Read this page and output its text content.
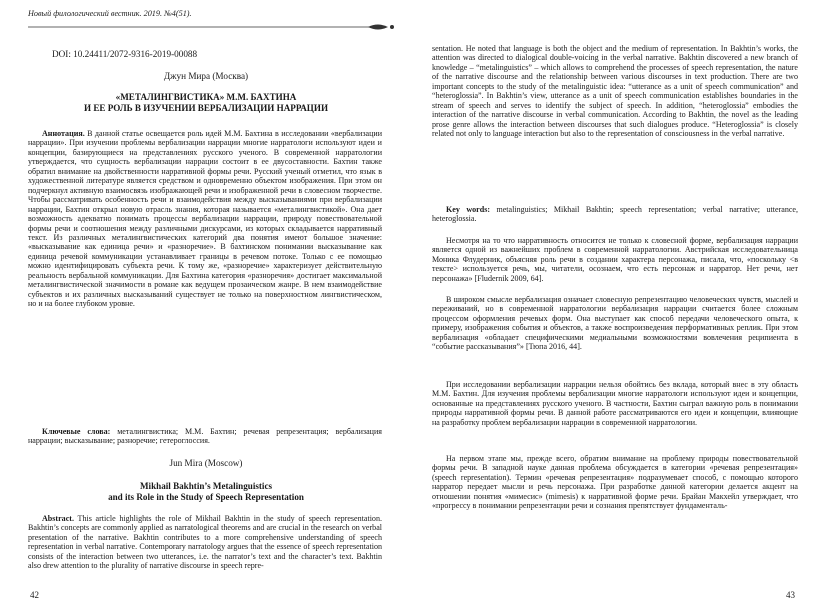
Новый филологический вестник. 2019. №4(51).
DOI: 10.24411/2072-9316-2019-00088
Джун Мира (Москва)
«МЕТАЛИНГВИСТИКА» М.М. БАХТИНА
И ЕЕ РОЛЬ В ИЗУЧЕНИИ ВЕРБАЛИЗАЦИИ НАРРАЦИИ
Аннотация. В данной статье освещается роль идей М.М. Бахтина в исследовании «вербализации наррации». При изучении проблемы вербализации наррации многие нарратологи используют идеи и концепции, базирующиеся на представлениях русского ученого. В современной нарратологии утверждается, что сущность вербализации наррации состоит в ее двусоставности. Бахтин также обратил внимание на двойственности нарративной формы речи. Русский ученый отметил, что язык в художественной литературе является средством и одновременно объектом изображения. При этом он подчеркнул активную взаимосвязь изображающей речи и изображенной речи в словесном творчестве. Чтобы рассматривать особенность речи и взаимодействия между высказываниями при вербализации наррации, Бахтин открыл новую отрасль знания, которая называется «металингвистикой». Она дает возможность адекватно понимать процессы вербализации наррации, природу повествовательной формы речи и соотношения между различными дискурсами, из которых складывается нарративный текст. Из различных металингвистических категорий два понятия имеют большое значение: «высказывание как единица речи» и «разноречие». В бахтинском понимании высказывание как единица речевой коммуникации устанавливает границы в речевом потоке. Только с ее помощью можно идентифицировать субъекта речи. К тому же, «разноречие» характеризует действительную реальность вербальной коммуникации. Для Бахтина категория «разноречия» достигает максимальной металингвистической значимости в романе как ведущем прозаическом жанре. В нем взаимодействие субъектов и их различных высказываний существует не только на поверхностном лингвистическом, но и на более глубоком уровне.
Ключевые слова: металингвистика; М.М. Бахтин; речевая репрезентация; вербализация наррации; высказывание; разноречие; гетероглоссия.
Jun Mira (Moscow)
Mikhail Bakhtin’s Metalinguistics
and its Role in the Study of Speech Representation
Abstract. This article highlights the role of Mikhail Bakhtin in the study of speech representation. Bakhtin’s concepts are commonly applied as narratological theorems and are crucial in the research on verbal presentation of the narrative. Bakhtin contributes to a more comprehensive understanding of speech representation in verbal narrative. Contemporary narratology argues that the essence of speech representation consists of the interaction between two utterances, i.e. the narrator’s text and the character’s text. Bakhtin also drew attention to the plurality of narrative discourse in speech repre-
42
sentation. He noted that language is both the object and the medium of representation. In Bakhtin’s works, the attention was directed to dialogical double-voicing in the verbal narrative. Bakhtin discovered a new branch of knowledge – “metalinguistics” – which allows to comprehend the processes of speech representation, the nature of the narrative discourse and the relationship between various discourses in text production. There are two important concepts to the study of the metalinguistic idea: “utterance as a unit of speech communication” and “heteroglossia”. In Bakhtin’s view, utterance as a unit of speech communication establishes boundaries in the stream of speech and serves to identify the subject of speech. In addition, “heteroglossia” embodies the interaction of the narrative discourse in verbal communication. According to Bakhtin, the novel as the leading prose genre allows the interaction between discourses that such dialogues produce. “Heteroglossia” is closely related not only to language interaction but also to the representation of consciousness in the verbal narrative.
Key words: metalinguistics; Mikhail Bakhtin; speech representation; verbal narrative; utterance, heteroglossia.
Несмотря на то что нарративность относится не только к словесной форме, вербализация наррации является одной из важнейших проблем в современной нарратологии. Австрийская исследовательница Моника Флудерник, объясняя роль речи в создании характера персонажа, писала, что, «поскольку <в тексте> используется речь, мы, читатели, осознаем, что есть персонаж и нарратор. Нет речи, нет персонажа» [Fludernik 2009, 64].
В широком смысле вербализация означает словесную репрезентацию человеческих чувств, мыслей и переживаний, но в современной нарратологии вербализация наррации считается более сложным процессом оформления речевых форм. Она выступает как способ передачи человеческого опыта, к примеру, изображения события и объектов, а также воспроизведения перформативных реплик. При этом вербализация «обладает специфическими медиальными возможностями вовлечения реципиента в “событие рассказывания”» [Тюпа 2016, 44].
При исследовании вербализации наррации нельзя обойтись без вклада, который внес в эту область М.М. Бахтин. Для изучения проблемы вербализации многие нарратологи используют идеи и концепции, основанные на представлениях русского ученого. В частности, Бахтин сыграл важную роль в понимании природы нарративной формы речи. В данной работе рассматриваются его идеи и концепции, влияющие на разработку проблем вербализации наррации в современной нарратологии.
На первом этапе мы, прежде всего, обратим внимание на проблему природы повествовательной формы речи. В западной науке данная проблема обсуждается в категории «речевая репрезентация» (speech representation). Термин «речевая репрезентация» подразумевает способ, с помощью которого нарратор передает мысли и речь персонажа. При разработке данной категории делается акцент на отношении понятия «мимесис» (mimesis) к нарративной форме речи. Брайан Макхейл утверждает, что «прогрессу в понимании репрезентации речи и сознания препятствует фундаменталь-
43
